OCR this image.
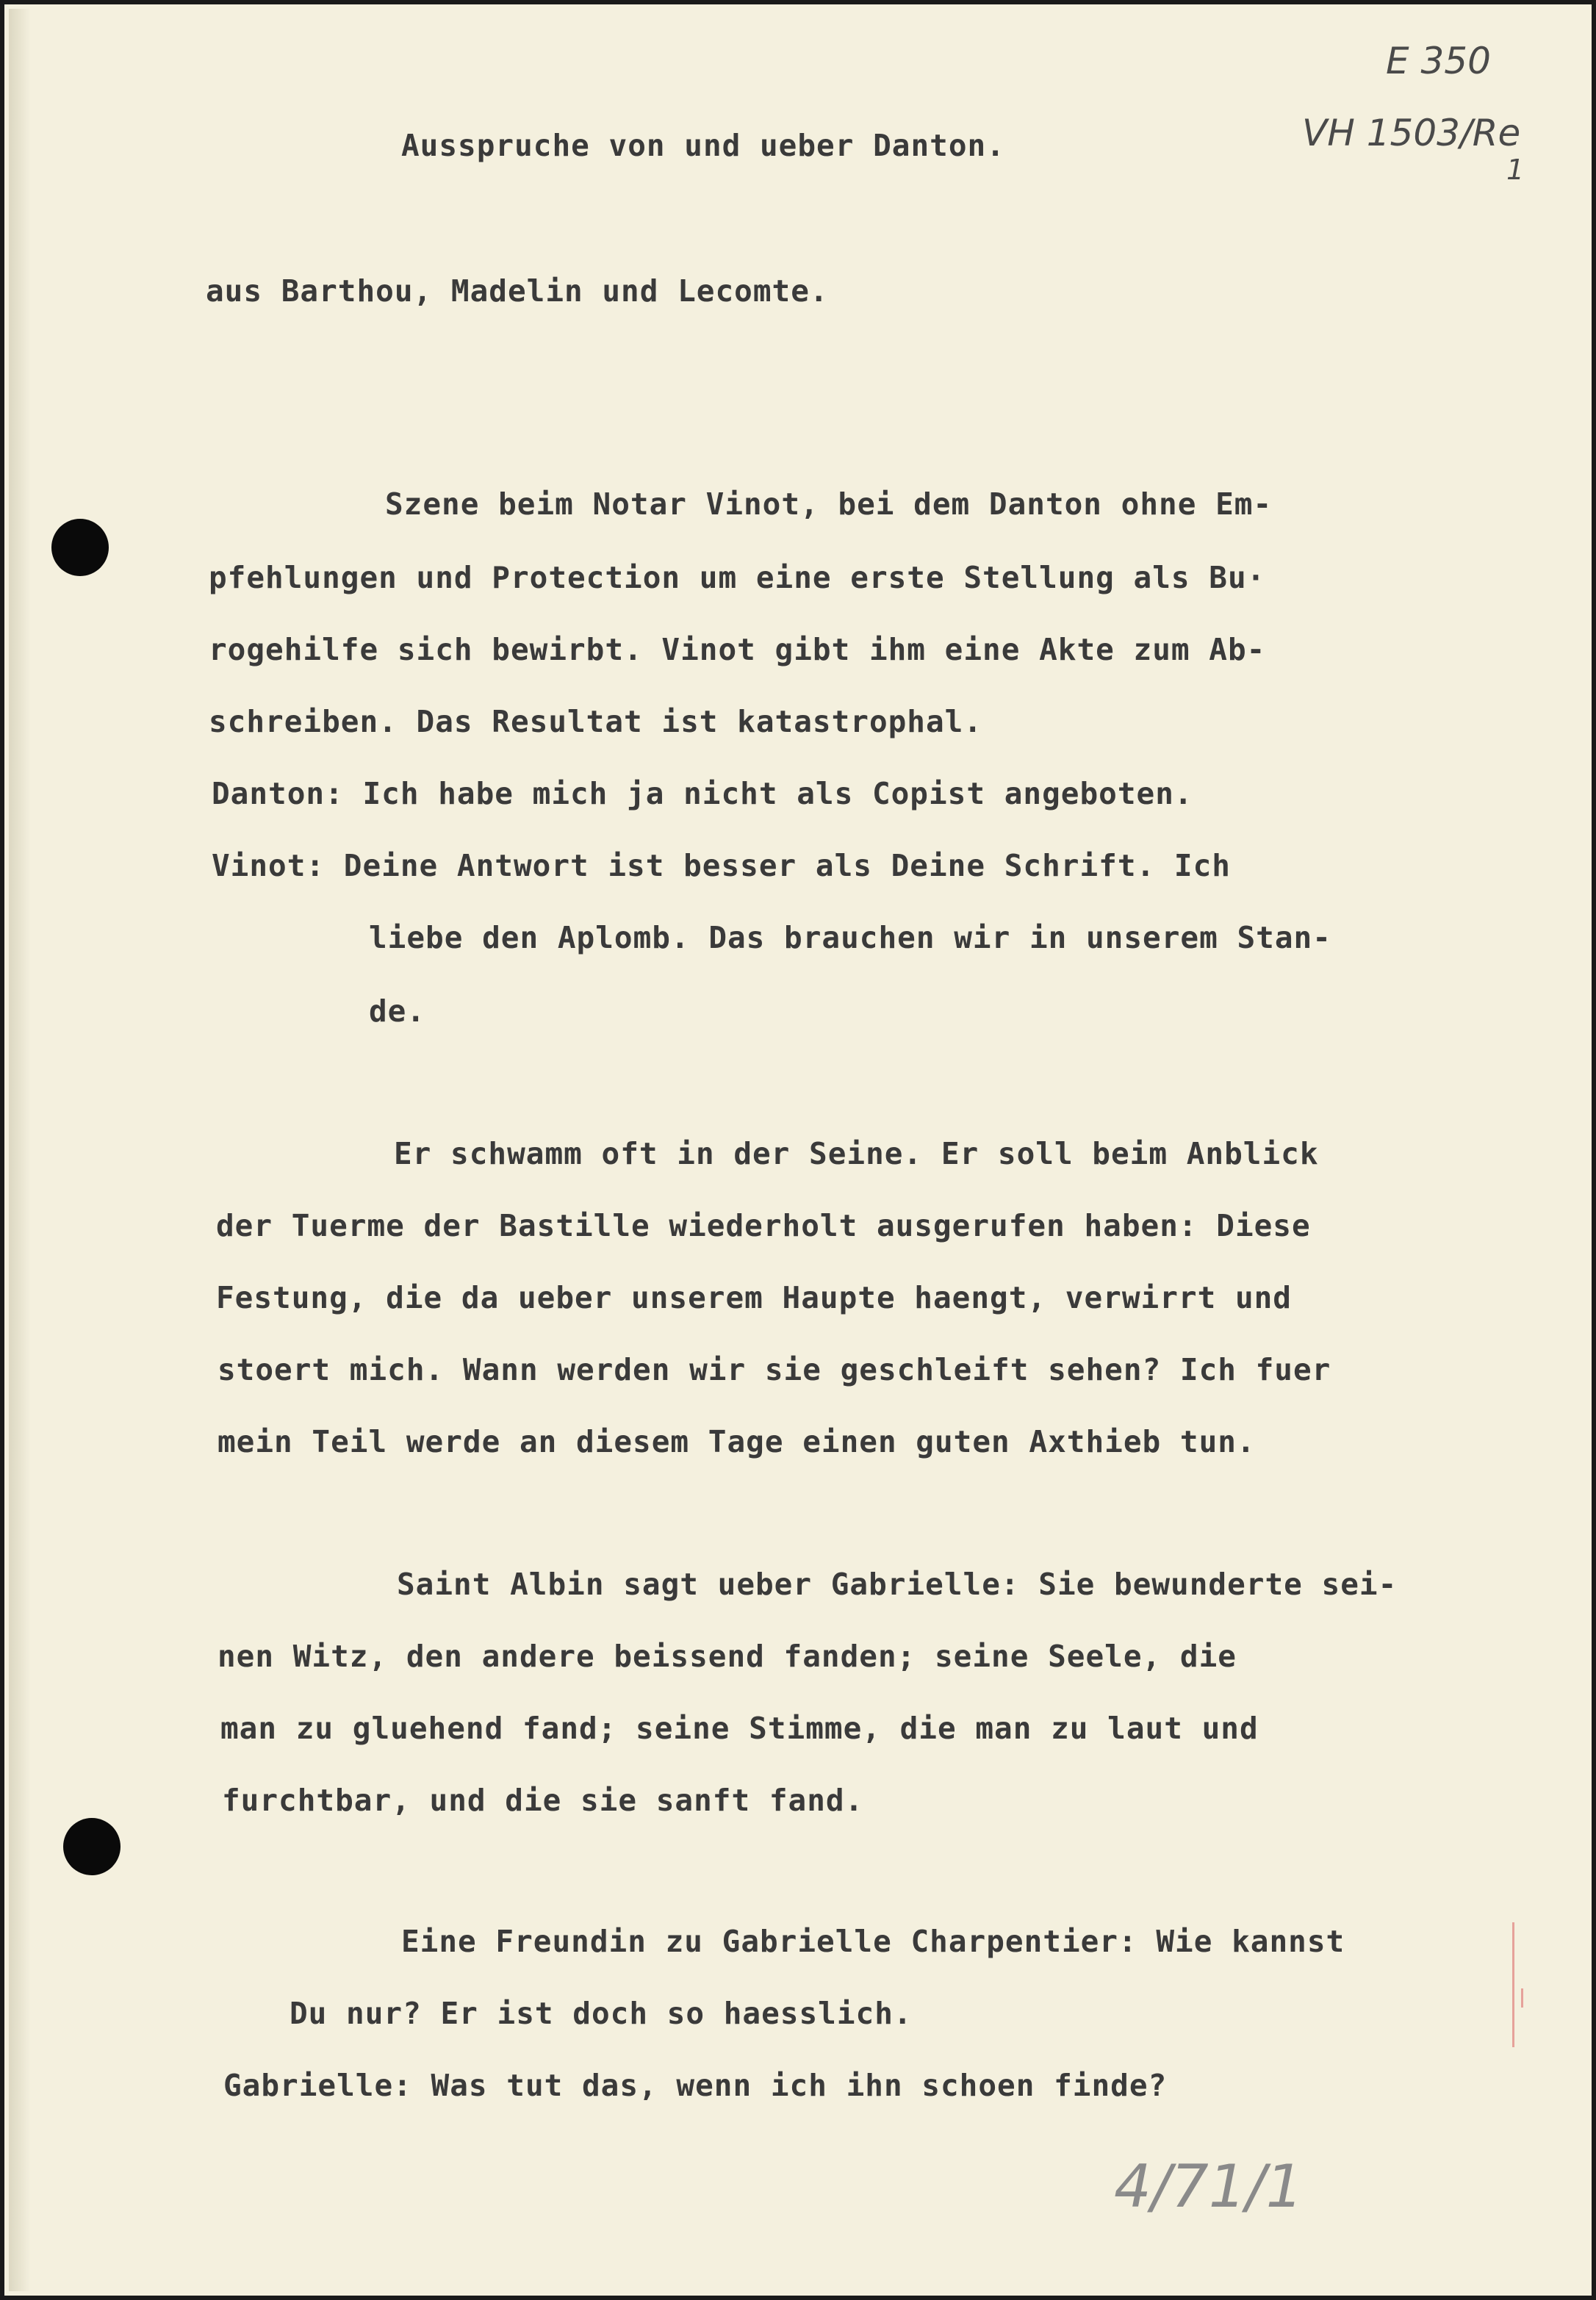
E 350
VH 1503/Re
1
Ausspruche von und ueber Danton.
aus Barthou, Madelin und Lecomte.
Szene beim Notar Vinot, bei dem Danton ohne Em-
pfehlungen und Protection um eine erste Stellung als Bu·
rogehilfe sich bewirbt. Vinot gibt ihm eine Akte zum Ab-
schreiben. Das Resultat ist katastrophal.
Danton: Ich habe mich ja nicht als Copist angeboten.
Vinot: Deine Antwort ist besser als Deine Schrift. Ich
liebe den Aplomb. Das brauchen wir in unserem Stan-
de.
Er schwamm oft in der Seine. Er soll beim Anblick
der Tuerme der Bastille wiederholt ausgerufen haben: Diese
Festung, die da ueber unserem Haupte haengt, verwirrt und
stoert mich. Wann werden wir sie geschleift sehen? Ich fuer
mein Teil werde an diesem Tage einen guten Axthieb tun.
Saint Albin sagt ueber Gabrielle: Sie bewunderte sei-
nen Witz, den andere beissend fanden; seine Seele, die
man zu gluehend fand; seine Stimme, die man zu laut und
furchtbar, und die sie sanft fand.
Eine Freundin zu Gabrielle Charpentier: Wie kannst
Du nur? Er ist doch so haesslich.
Gabrielle: Was tut das, wenn ich ihn schoen finde?
4/71/1
